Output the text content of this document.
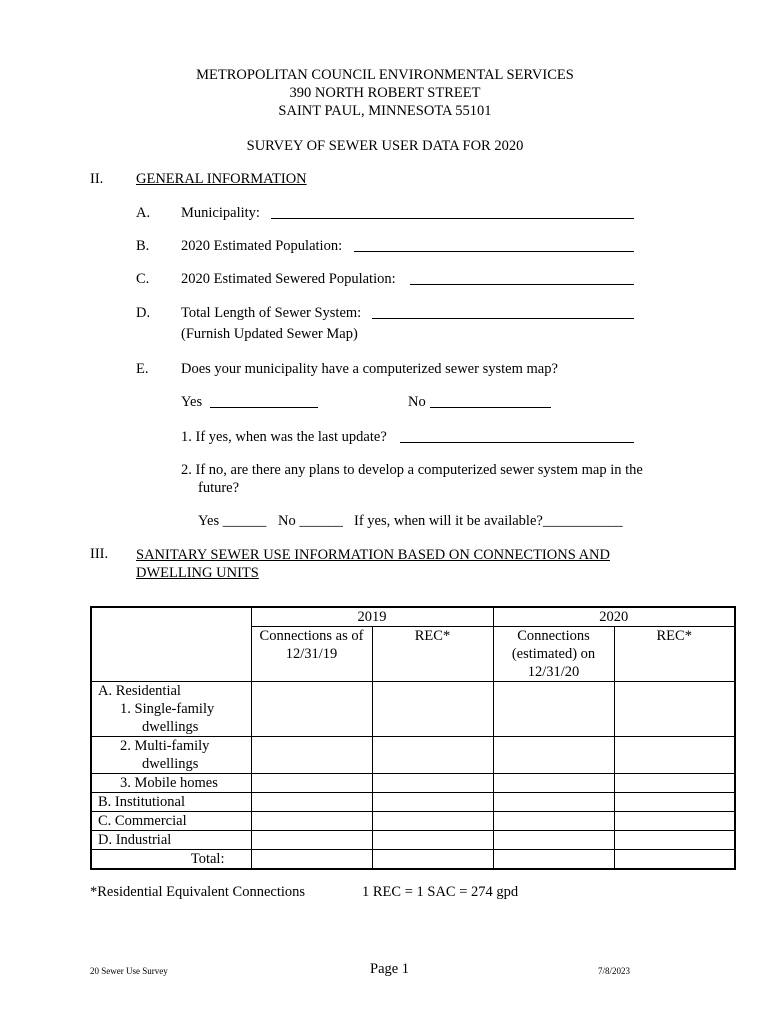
METROPOLITAN COUNCIL ENVIRONMENTAL SERVICES
390 NORTH ROBERT STREET
SAINT PAUL, MINNESOTA 55101
SURVEY OF SEWER USER DATA FOR 2020
II. GENERAL INFORMATION
A. Municipality:
B. 2020 Estimated Population:
C. 2020 Estimated Sewered Population:
D. Total Length of Sewer System:
(Furnish Updated Sewer Map)
E. Does your municipality have a computerized sewer system map?
Yes	No
1. If yes, when was the last update?
2. If no, are there any plans to develop a computerized sewer system map in the
future?
Yes ______ No ______ If yes, when will it be available?___________
III. SANITARY SEWER USE INFORMATION BASED ON CONNECTIONS AND
DWELLING UNITS
	2019		2020	
	Connections as of 12/31/19	REC*	Connections (estimated) on 12/31/20	REC*

A. Residential
1. Single-family
dwellings				

2. Multi-family
dwellings				

3. Mobile homes				
B. Institutional				
C. Commercial				
D. Industrial				
Total:				
*Residential Equivalent Connections	1 REC = 1 SAC = 274 gpd
20 Sewer Use Survey	Page 1	7/8/2023
